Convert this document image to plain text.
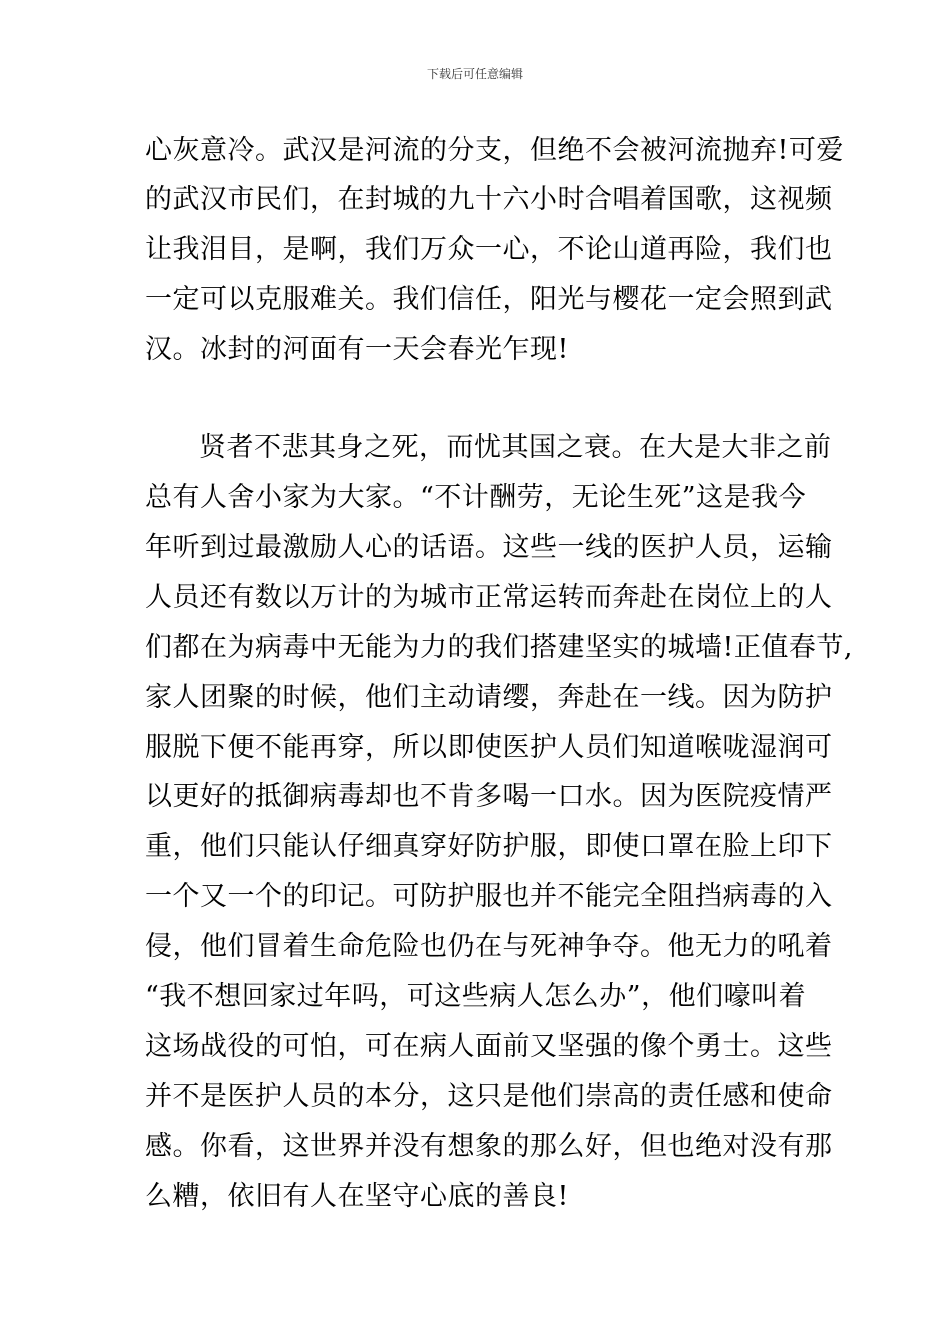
下载后可任意编辑
心灰意冷。武汉是河流的分支，但绝不会被河流抛弃!可爱
的武汉市民们，在封城的九十六小时合唱着国歌，这视频
让我泪目，是啊，我们万众一心，不论山道再险，我们也
一定可以克服难关。我们信任，阳光与樱花一定会照到武
汉。冰封的河面有一天会春光乍现!
贤者不悲其身之死，而忧其国之衰。在大是大非之前
总有人舍小家为大家。“不计酬劳，无论生死”这是我今
年听到过最激励人心的话语。这些一线的医护人员，运输
人员还有数以万计的为城市正常运转而奔赴在岗位上的人
们都在为病毒中无能为力的我们搭建坚实的城墙!正值春节,
家人团聚的时候，他们主动请缨，奔赴在一线。因为防护
服脱下便不能再穿，所以即使医护人员们知道喉咙湿润可
以更好的抵御病毒却也不肯多喝一口水。因为医院疫情严
重，他们只能认仔细真穿好防护服，即使口罩在脸上印下
一个又一个的印记。可防护服也并不能完全阻挡病毒的入
侵，他们冒着生命危险也仍在与死神争夺。他无力的吼着
“我不想回家过年吗，可这些病人怎么办”，他们嚎叫着
这场战役的可怕，可在病人面前又坚强的像个勇士。这些
并不是医护人员的本分，这只是他们崇高的责任感和使命
感。你看，这世界并没有想象的那么好，但也绝对没有那
么糟，依旧有人在坚守心底的善良!
